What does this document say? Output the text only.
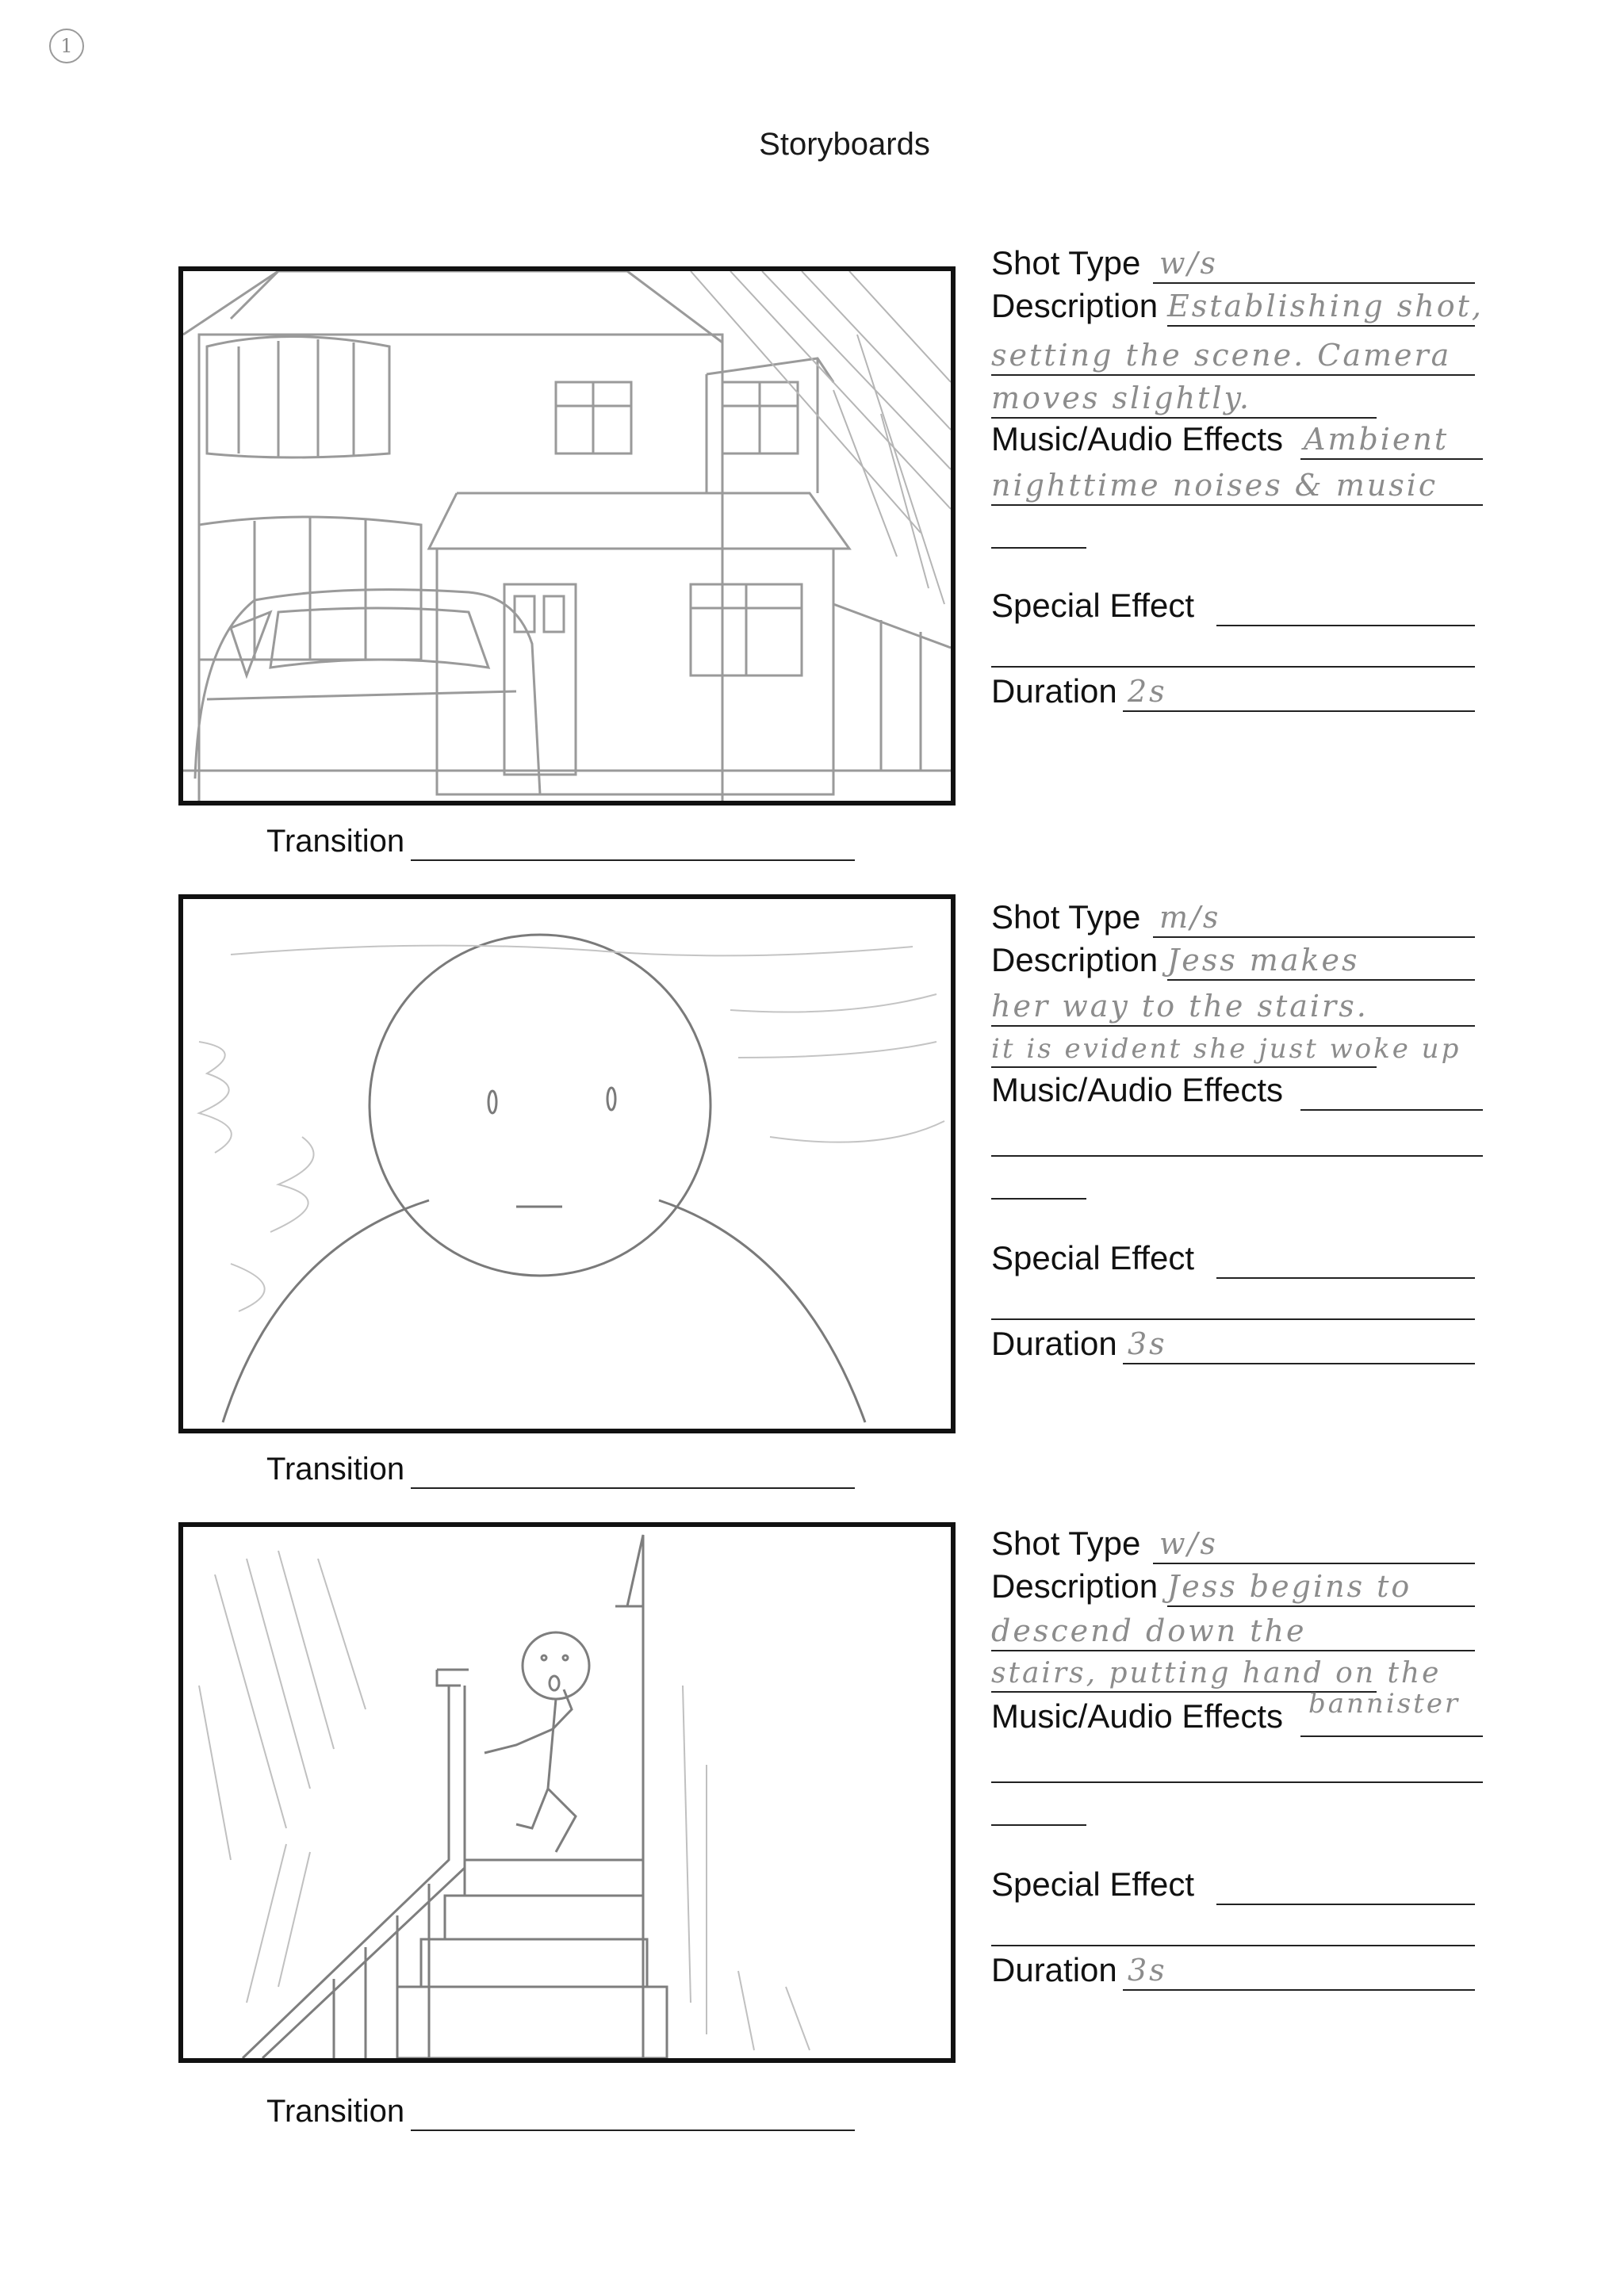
1
Storyboards
Shot Type w/s
Description Establishing shot,
setting the scene. Camera
moves slightly.
Music/Audio Effects Ambient
nighttime noises & music
Special Effect
Duration 2s
Transition
Shot Type m/s
Description Jess makes
her way to the stairs.
it is evident she just woke up
Music/Audio Effects
Special Effect
Duration 3s
Transition
Shot Type w/s
Description Jess begins to
descend down the
stairs, putting hand on the
Music/Audio Effects bannister
Special Effect
Duration 3s
Transition
